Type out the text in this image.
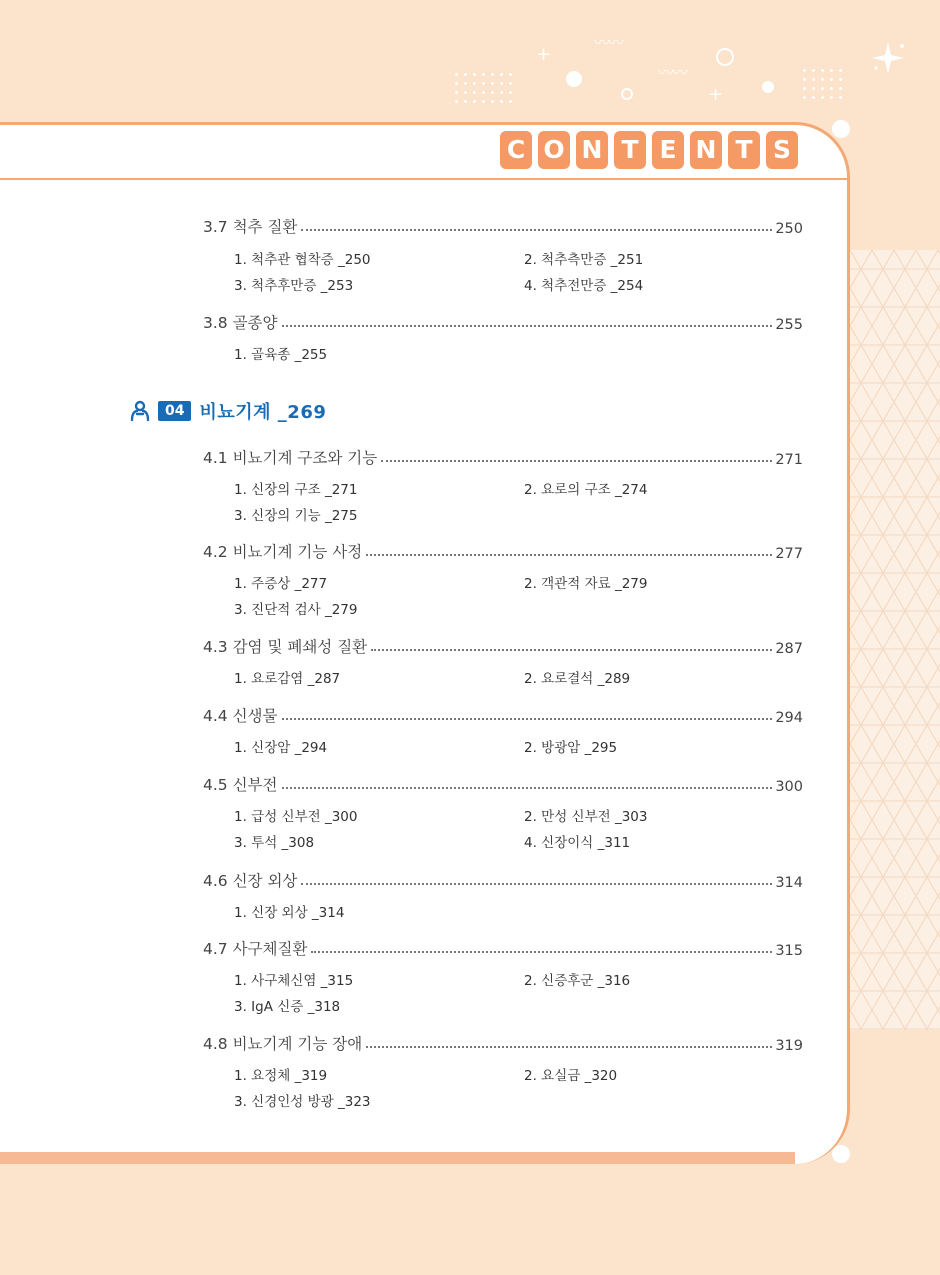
+
+
〰〰
〰〰
C O N T E N T S
3.7 척추 질환	250
1. 척추관 협착증 _250	2. 척추측만증 _251
3. 척추후만증 _253	4. 척추전만증 _254
3.8 골종양	255
1. 골육종 _255
04 비뇨기계 _269
4.1 비뇨기계 구조와 기능	271
1. 신장의 구조 _271	2. 요로의 구조 _274
3. 신장의 기능 _275
4.2 비뇨기계 기능 사정	277
1. 주증상 _277	2. 객관적 자료 _279
3. 진단적 검사 _279
4.3 감염 및 폐쇄성 질환	287
1. 요로감염 _287	2. 요로결석 _289
4.4 신생물	294
1. 신장암 _294	2. 방광암 _295
4.5 신부전	300
1. 급성 신부전 _300	2. 만성 신부전 _303
3. 투석 _308	4. 신장이식 _311
4.6 신장 외상	314
1. 신장 외상 _314
4.7 사구체질환	315
1. 사구체신염 _315	2. 신증후군 _316
3. IgA 신증 _318
4.8 비뇨기계 기능 장애	319
1. 요정체 _319	2. 요실금 _320
3. 신경인성 방광 _323
